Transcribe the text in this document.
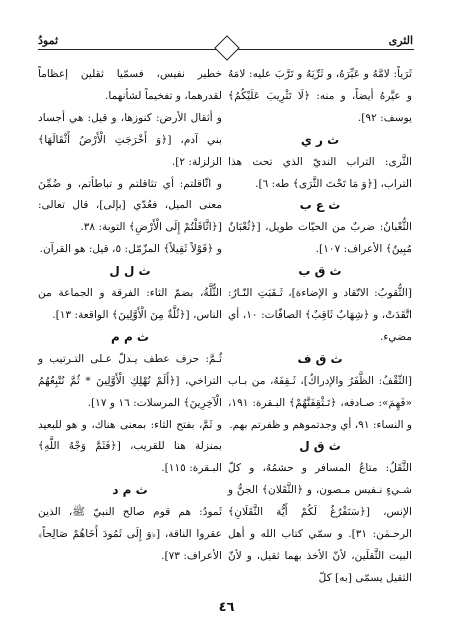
الثرى
ثمودُ

ثَرَياً: لامَّهُ و عَيِّرَهُ، و ثَرِّيَهُ و تَرَّبَ عليه: لامَهُ و عيَّرهُ أيضاً، و منه: ﴿لَا تَثْرِيبَ عَلَيْكُمُ﴾ يوسف: ٩٢].

ث ر ي

الثَّرى: التراب النديّ الذي تحت هذا التراب، [﴿وَ مَا تَحْتَ الثَّرَى﴾ طه: ٦].

ث ع ب

الثُّعْبانُ: ضربٌ من الحيّات طويل، [﴿ثُعْبَانٌ مُبِينٌ﴾ الأعراف: ١٠٧].

ث ق ب

[الثُّقوبُ: الاتّقاد و الإضاءة]، ثَـقَبَتِ النّـارُ: اتَّقَدَتْ، و ﴿شِهَابٌ ثَاقِبٌ﴾ الصافّات: ١٠، أي مضيء.

ث ق ف

[الثّقْفُ: الظَّفَرُ والإدراكُ]، ثَـقِفَهُ، من بـاب «فَهِمَ»: صـادفه، ﴿تَـثْقِفَنَّهُمْ﴾ البـقرة: ١٩١، و النساء: ٩١، أي وجدتموهم و ظفرتم بهم.

ث ق ل

الثَّقَلُ: متاعُ المسافر و حشمُهُ، و كلّ شـيءٍ نـفيس مـصون، و ﴿الثَّقَلان﴾ الجنُّ و الإنس، [﴿سَنَفْرُغُ لَكُمْ أَيُّهَ الثَّقَلَانِ﴾ الرحـمٰن: ٣١]. و سمّي كتاب الله و أهل البيت الثَّقلَين، لأنّ الأخذ بهما ثقيل، و لأنّ الثقيل يسمّى [به] كلّ

خطير نفيس، فسمّيا ثقلين إعظاماً لقدرهما، و تفخيماً لشأنهما.

و أثقال الأرض: كنوزها، و قيل: هي أجساد بني آدم، [﴿وَ أَخْرَجَتِ الْأَرْضُ أَثْقَالَهَا﴾ الزلزلة: ٢].

و اثّاقلتم: أي تثاقلتم و تباطأتم، و ضُمِّنَ معنى الميل، فعُدّي [بإلى]، قال تعالى: [﴿اثَّاقَلْتُمْ إِلَى الْأَرْضِ﴾ التوبة: ٣٨.

و ﴿قَوْلاً ثَقِيلاً﴾ المزّمّل: ٥، قيل: هو القرآن.

ث ل ل

الثُّلَّةُ، بضمّ الثاء: الفرقة و الجماعة من الناس، [﴿ثُلَّةٌ مِنَ الْأَوَّلِينَ﴾ الواقعة: ١٣].

ث م م

ثُـمَّ: حرف عطف يـدلّ عـلى التـرتيب و التراخي، [﴿أَلَمْ نُهْلِكِ الْأَوَّلِينَ * ثُمَّ نُتْبِعُهُمُ الْآخِرِينَ﴾ المرسلات: ١٦ و ١٧].

و ثَمَّ، بفتح الثاء: بمعنى هناك، و هو للبعيد بمنزلة هنا للقريب، [﴿فَثَمَّ وَجْهُ اللَّهِ﴾ البـقرة: ١١٥].

ث م د

ثَمودُ: هم قوم صالح النبيّ ﷺ، الذين عقروا الناقة، [﴿وَ إِلَى ثَمُودَ أَخَاهُمْ صَالِحاً﴾ الأعراف: ٧٣].

٤٦
